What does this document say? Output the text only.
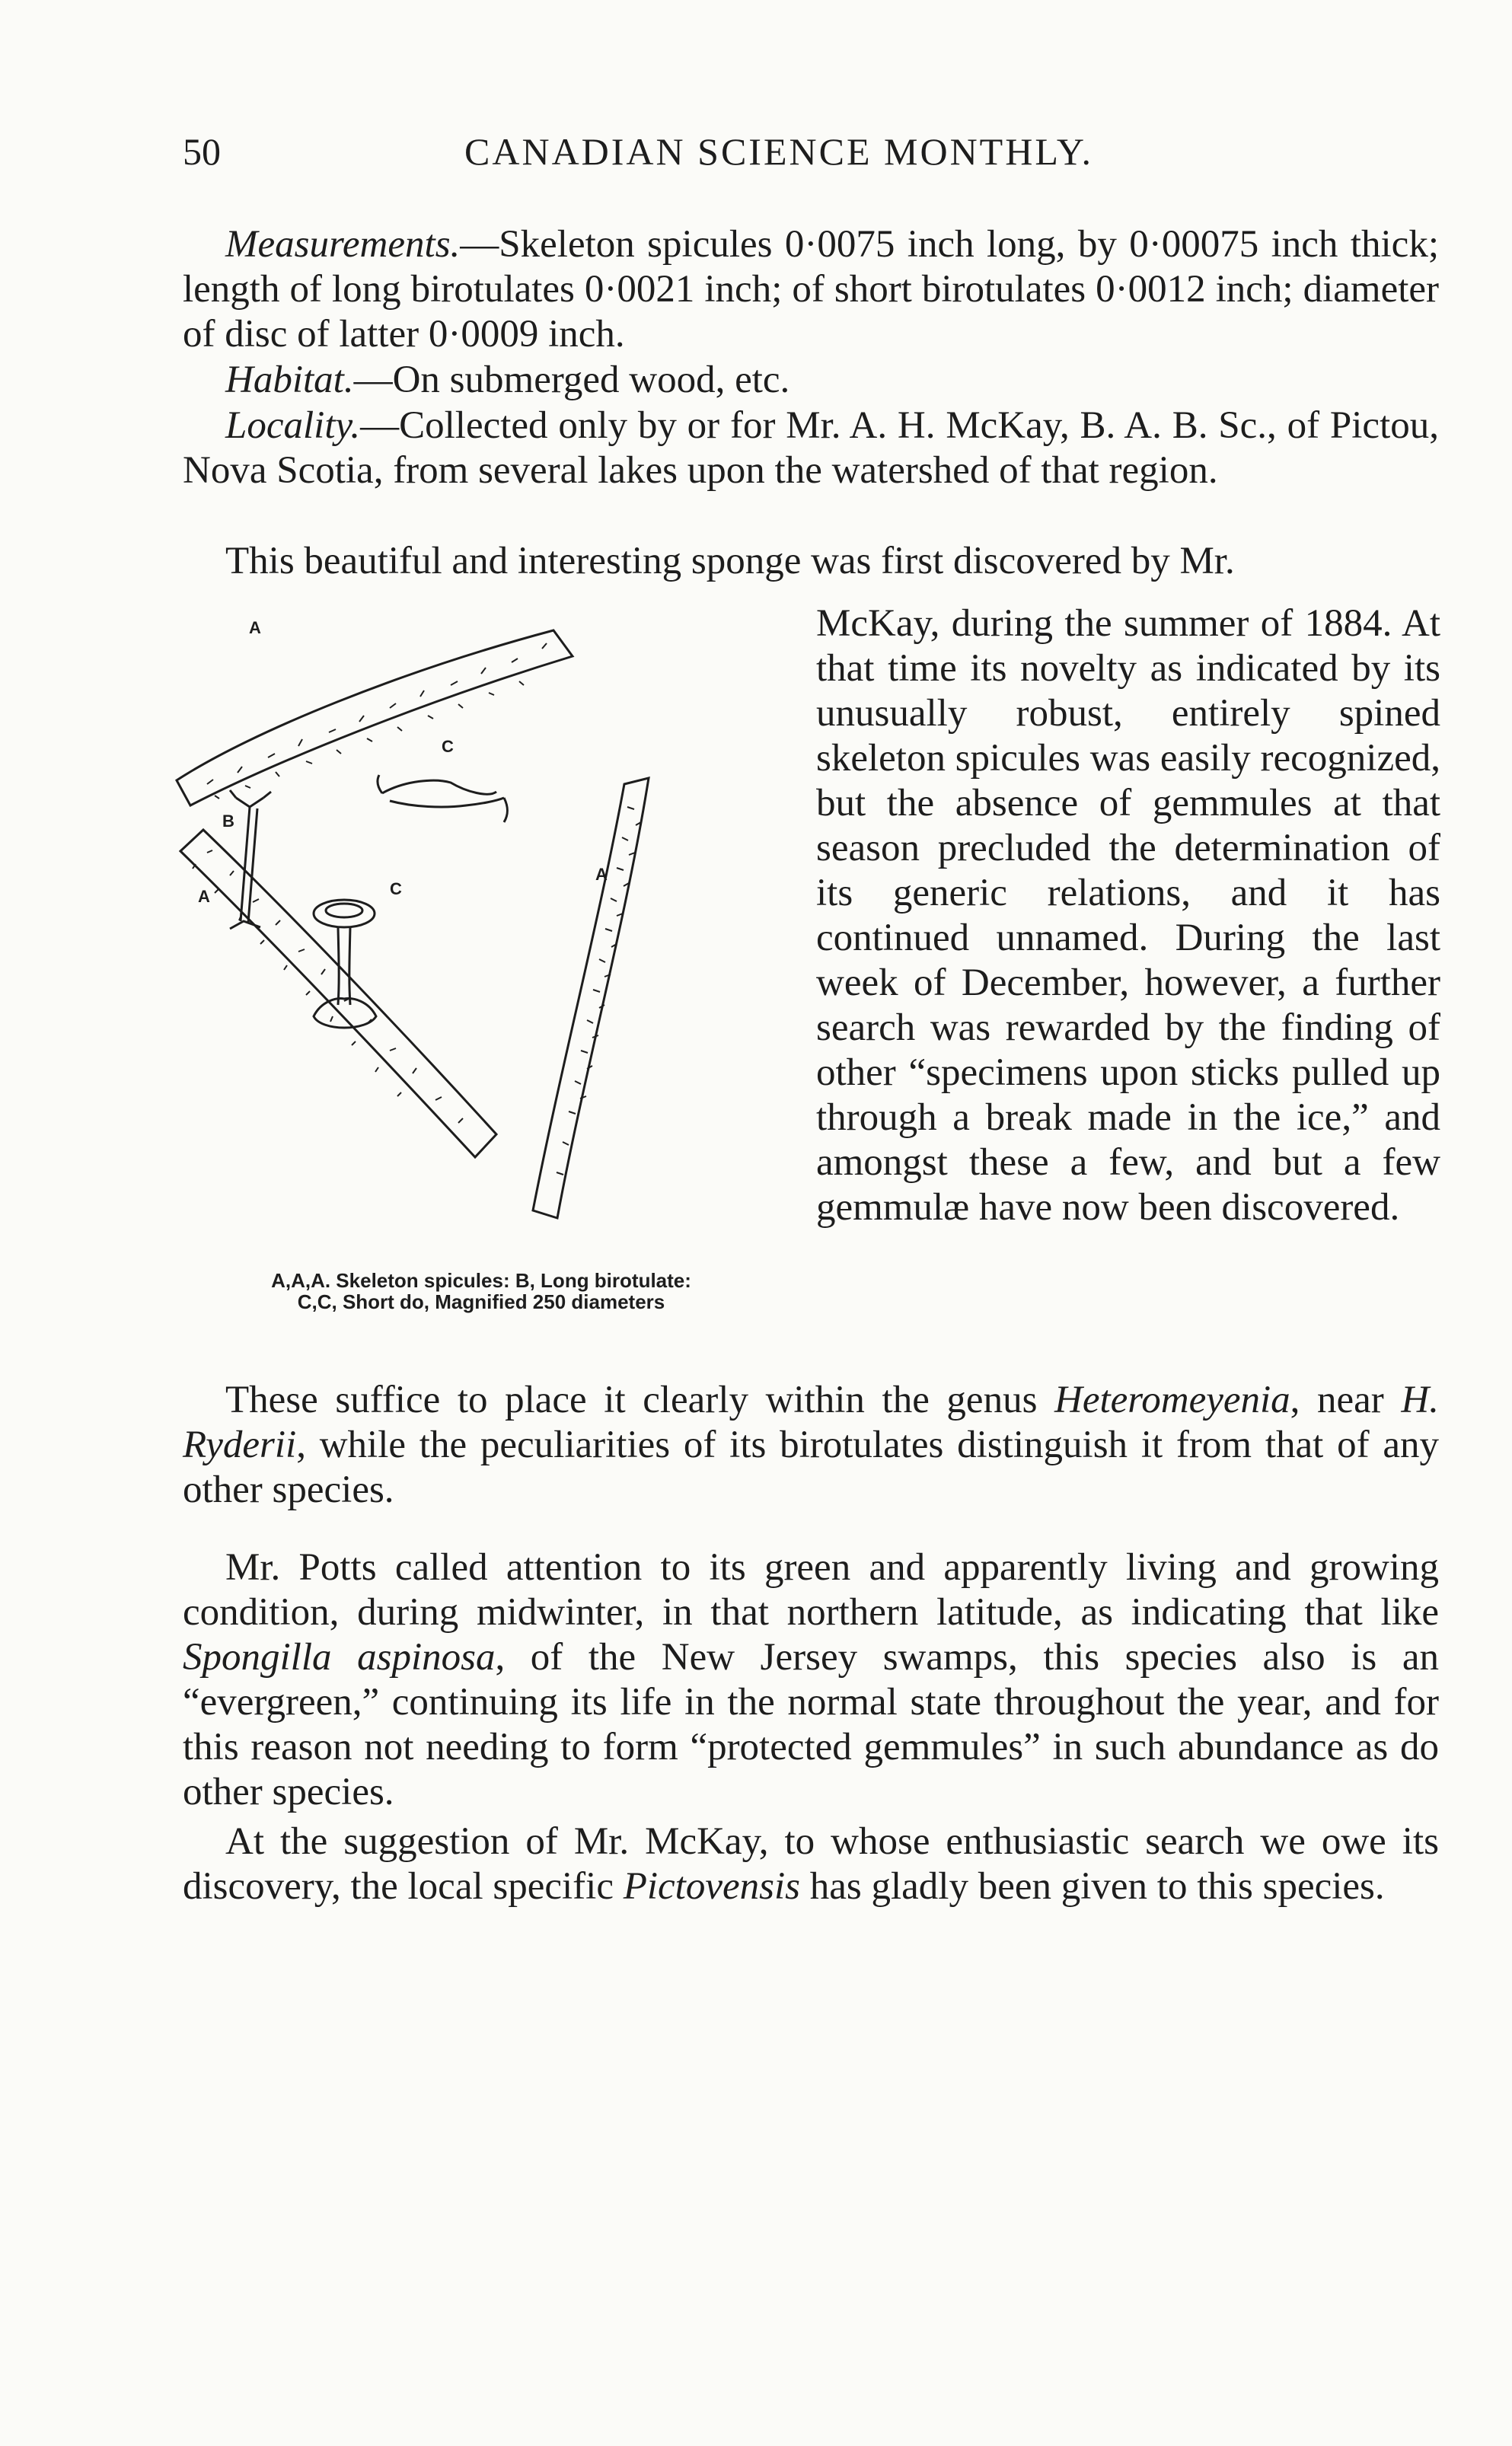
50	CANADIAN SCIENCE MONTHLY.

Measurements.—Skeleton spicules 0·0075 inch long, by 0·00075 inch thick; length of long birotulates 0·0021 inch; of short birotulates 0·0012 inch; diameter of disc of latter 0·0009 inch.

Habitat.—On submerged wood, etc.

Locality.—Collected only by or for Mr. A. H. McKay, B. A. B. Sc., of Pictou, Nova Scotia, from several lakes upon the watershed of that region.

This beautiful and interesting sponge was first discovered by Mr.

A
A
A
B
C
C
A,A,A. Skeleton spicules: B, Long birotulate:
C,C, Short do, Magnified 250 diameters

McKay, during the summer of 1884. At that time its novelty as indicated by its unusually robust, entirely spined skeleton spicules was easily recognized, but the absence of gemmules at that season precluded the determination of its generic relations, and it has continued unnamed. During the last week of December, however, a further search was rewarded by the finding of other “specimens upon sticks pulled up through a break made in the ice,” and amongst these a few, and but a few gemmulæ have now been discovered.

These suffice to place it clearly within the genus Heteromeyenia, near H. Ryderii, while the peculiarities of its birotulates distinguish it from that of any other species.

Mr. Potts called attention to its green and apparently living and growing condition, during midwinter, in that northern latitude, as indicating that like Spongilla aspinosa, of the New Jersey swamps, this species also is an “evergreen,” continuing its life in the normal state throughout the year, and for this reason not needing to form “protected gemmules” in such abundance as do other species.

At the suggestion of Mr. McKay, to whose enthusiastic search we owe its discovery, the local specific Pictovensis has gladly been given to this species.
